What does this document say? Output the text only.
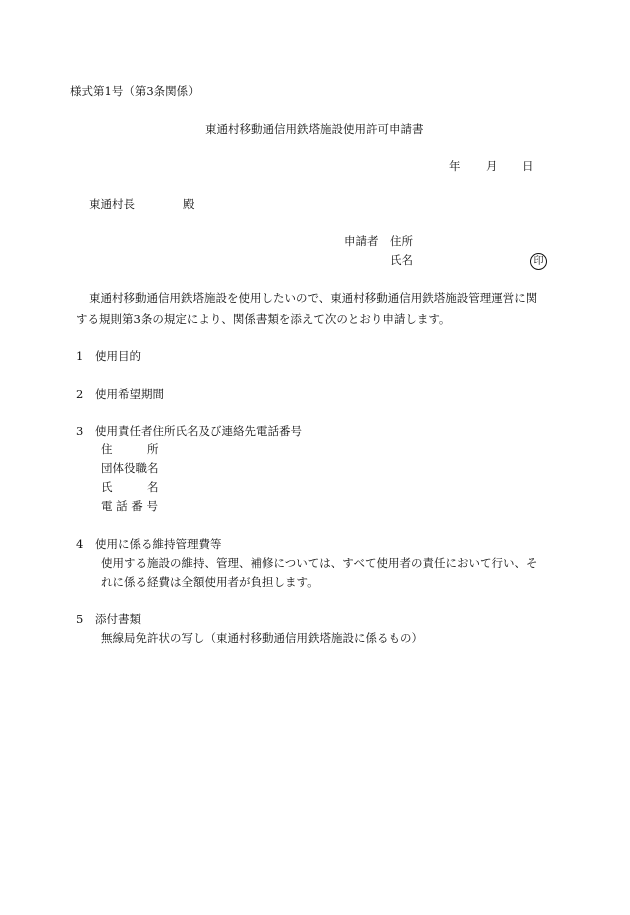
様式第1号（第3条関係）
東通村移動通信用鉄塔施設使用許可申請書
年 月 日
東通村長	殿
申請者 住所
氏名	印
東通村移動通信用鉄塔施設を使用したいので、東通村移動通信用鉄塔施設管理運営に関
する規則第3条の規定により、関係書類を添えて次のとおり申請します。
1 使用目的
2 使用希望期間
3 使用責任者住所氏名及び連絡先電話番号
住　　　所
団体役職名
氏　　　名
電 話 番 号
4 使用に係る維持管理費等
使用する施設の維持、管理、補修については、すべて使用者の責任において行い、そ
れに係る経費は全額使用者が負担します。
5 添付書類
無線局免許状の写し（東通村移動通信用鉄塔施設に係るもの）
